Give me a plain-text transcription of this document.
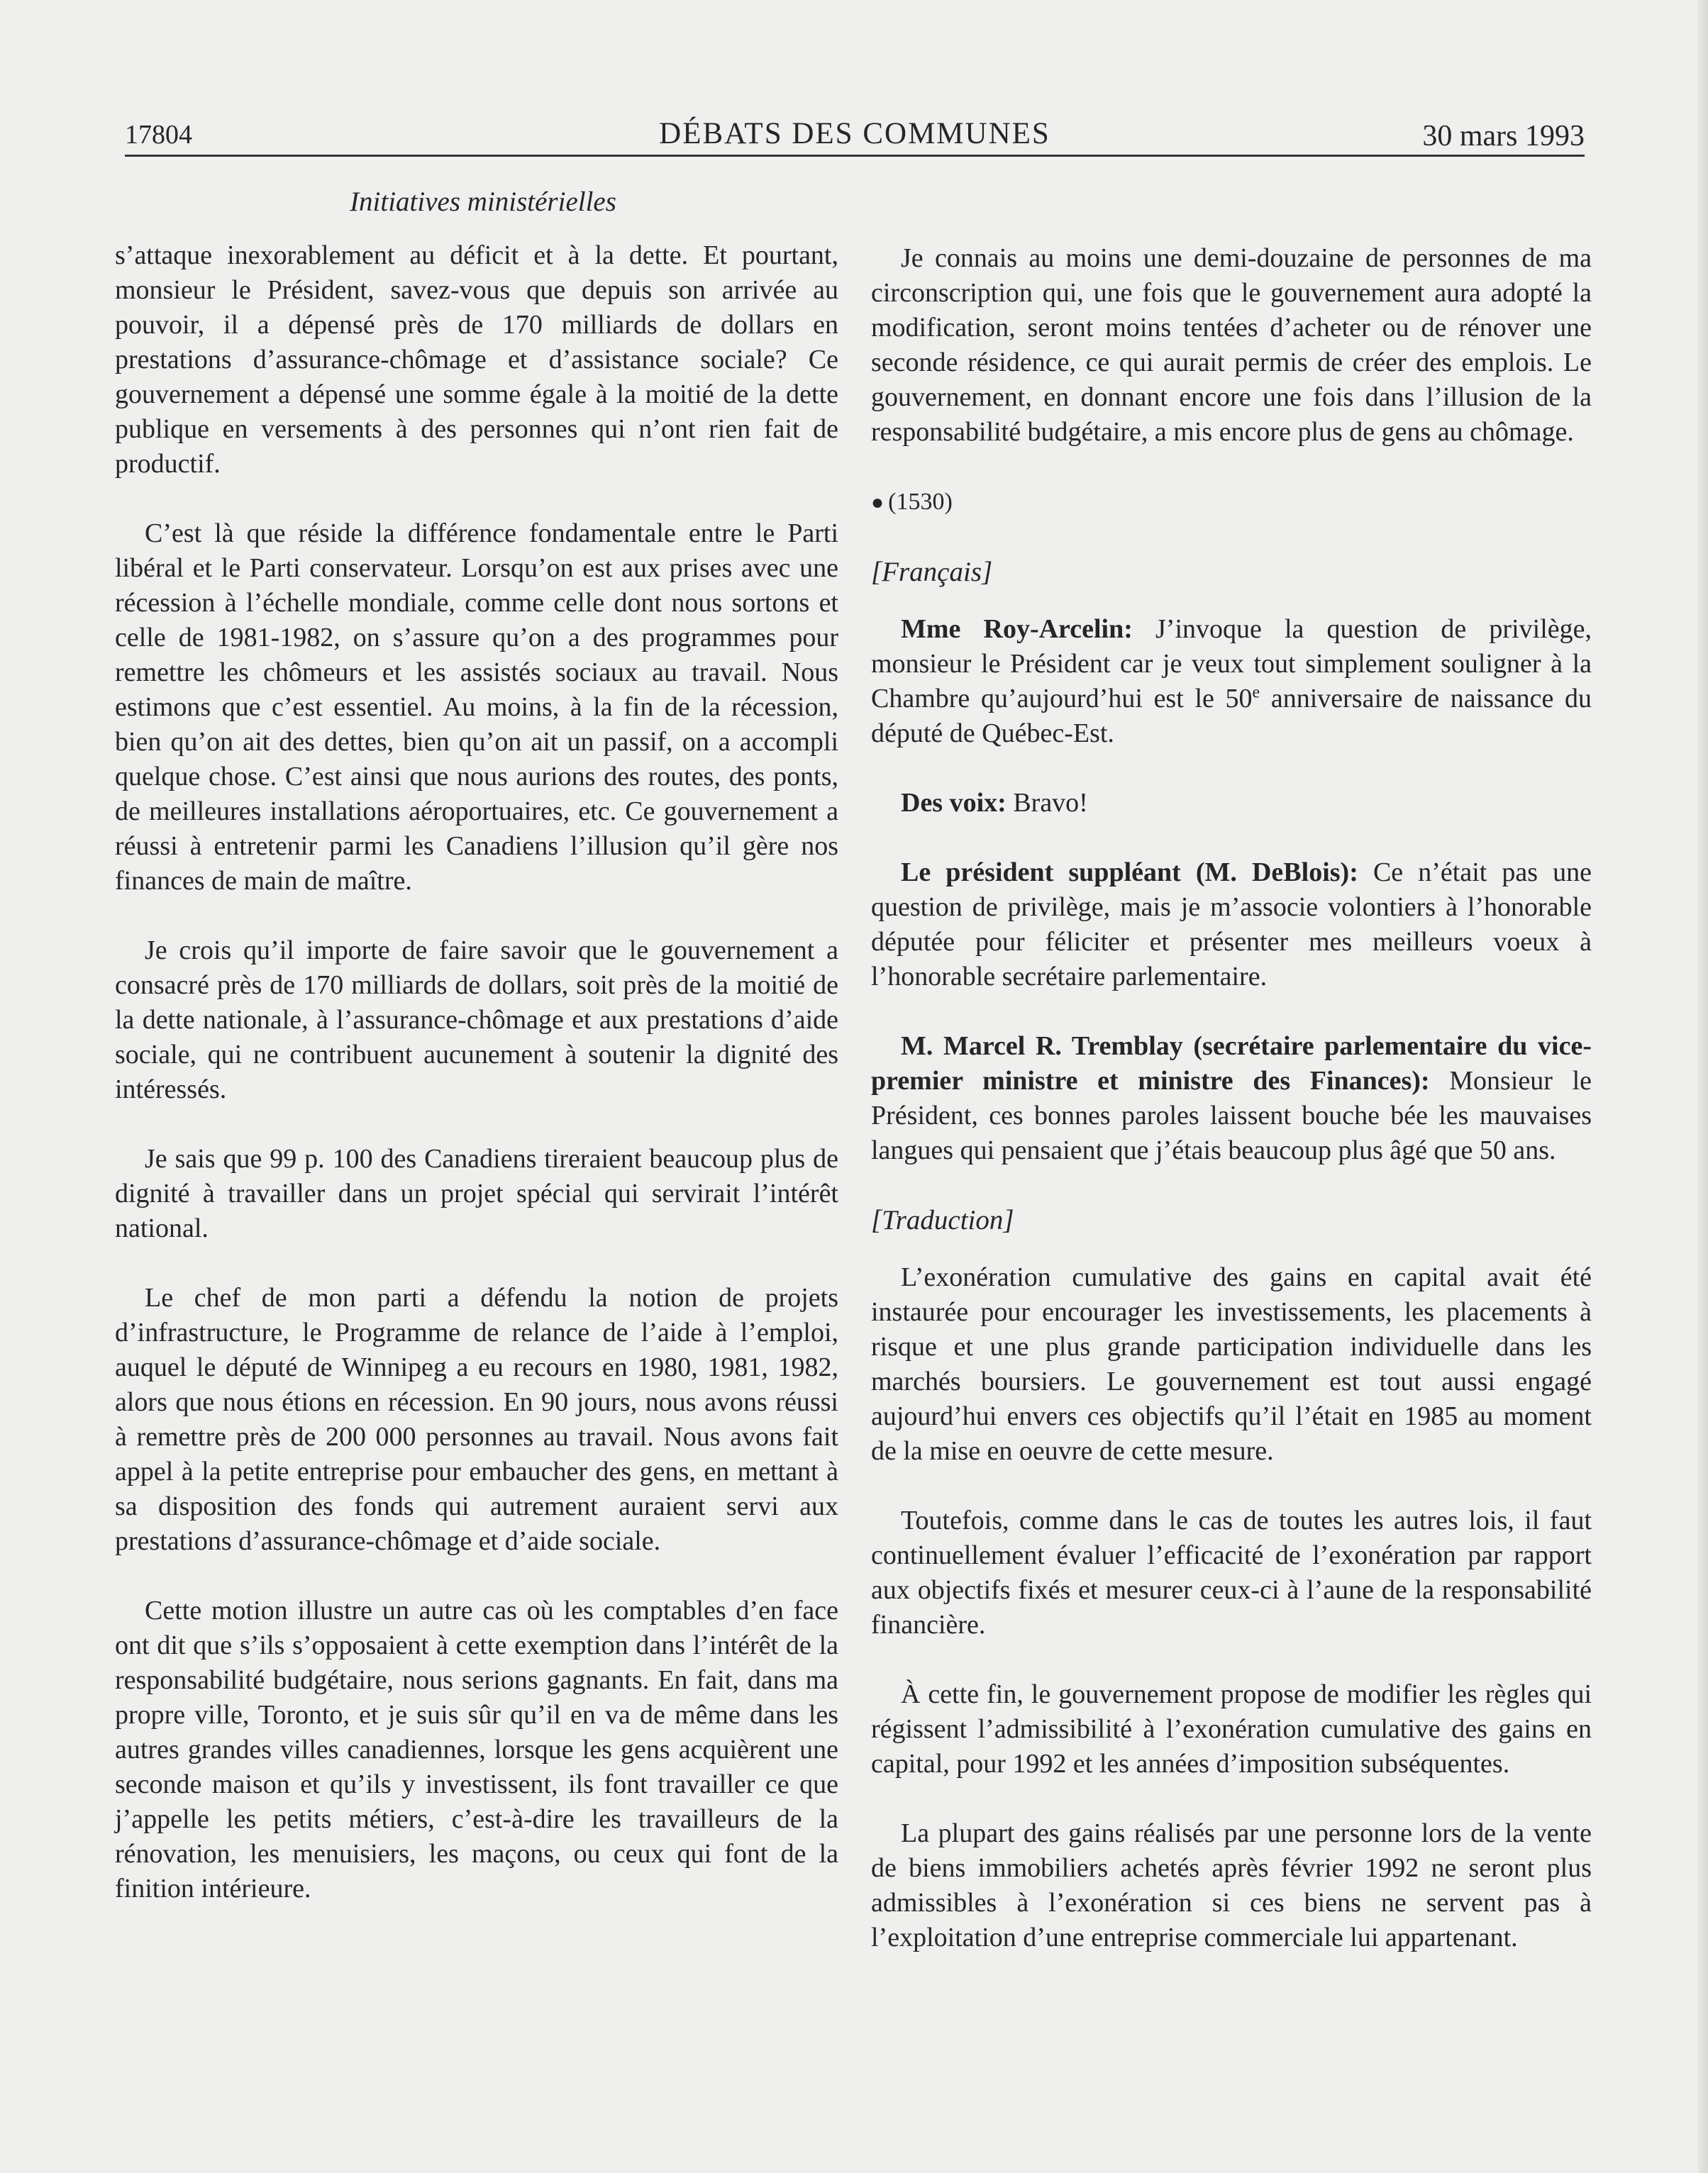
17804	DÉBATS DES COMMUNES	30 mars 1993
Initiatives ministérielles

s’attaque inexorablement au déficit et à la dette. Et pourtant, monsieur le Président, savez-vous que depuis son arrivée au pouvoir, il a dépensé près de 170 milliards de dollars en prestations d’assurance-chômage et d’assistance sociale? Ce gouvernement a dépensé une somme égale à la moitié de la dette publique en versements à des personnes qui n’ont rien fait de productif.

C’est là que réside la différence fondamentale entre le Parti libéral et le Parti conservateur. Lorsqu’on est aux prises avec une récession à l’échelle mondiale, comme celle dont nous sortons et celle de 1981-1982, on s’assure qu’on a des programmes pour remettre les chômeurs et les assistés sociaux au travail. Nous estimons que c’est essentiel. Au moins, à la fin de la récession, bien qu’on ait des dettes, bien qu’on ait un passif, on a accompli quelque chose. C’est ainsi que nous aurions des routes, des ponts, de meilleures installations aéroportuaires, etc. Ce gouvernement a réussi à entretenir parmi les Canadiens l’illusion qu’il gère nos finances de main de maître.

Je crois qu’il importe de faire savoir que le gouvernement a consacré près de 170 milliards de dollars, soit près de la moitié de la dette nationale, à l’assurance-chômage et aux prestations d’aide sociale, qui ne contribuent aucunement à soutenir la dignité des intéressés.

Je sais que 99 p. 100 des Canadiens tireraient beaucoup plus de dignité à travailler dans un projet spécial qui servirait l’intérêt national.

Le chef de mon parti a défendu la notion de projets d’infrastructure, le Programme de relance de l’aide à l’emploi, auquel le député de Winnipeg a eu recours en 1980, 1981, 1982, alors que nous étions en récession. En 90 jours, nous avons réussi à remettre près de 200 000 personnes au travail. Nous avons fait appel à la petite entreprise pour embaucher des gens, en mettant à sa disposition des fonds qui autrement auraient servi aux prestations d’assurance-chômage et d’aide sociale.

Cette motion illustre un autre cas où les comptables d’en face ont dit que s’ils s’opposaient à cette exemption dans l’intérêt de la responsabilité budgétaire, nous serions gagnants. En fait, dans ma propre ville, Toronto, et je suis sûr qu’il en va de même dans les autres grandes villes canadiennes, lorsque les gens acquièrent une seconde maison et qu’ils y investissent, ils font travailler ce que j’appelle les petits métiers, c’est-à-dire les travailleurs de la rénovation, les menuisiers, les maçons, ou ceux qui font de la finition intérieure.

Je connais au moins une demi-douzaine de personnes de ma circonscription qui, une fois que le gouvernement aura adopté la modification, seront moins tentées d’acheter ou de rénover une seconde résidence, ce qui aurait permis de créer des emplois. Le gouvernement, en donnant encore une fois dans l’illusion de la responsabilité budgétaire, a mis encore plus de gens au chômage.

● (1530)
[Français]

Mme Roy-Arcelin: J’invoque la question de privilège, monsieur le Président car je veux tout simplement souligner à la Chambre qu’aujourd’hui est le 50e anniversaire de naissance du député de Québec-Est.

Des voix: Bravo!

Le président suppléant (M. DeBlois): Ce n’était pas une question de privilège, mais je m’associe volontiers à l’honorable députée pour féliciter et présenter mes meilleurs voeux à l’honorable secrétaire parlementaire.

M. Marcel R. Tremblay (secrétaire parlementaire du vice-premier ministre et ministre des Finances): Monsieur le Président, ces bonnes paroles laissent bouche bée les mauvaises langues qui pensaient que j’étais beaucoup plus âgé que 50 ans.

[Traduction]

L’exonération cumulative des gains en capital avait été instaurée pour encourager les investissements, les placements à risque et une plus grande participation individuelle dans les marchés boursiers. Le gouvernement est tout aussi engagé aujourd’hui envers ces objectifs qu’il l’était en 1985 au moment de la mise en oeuvre de cette mesure.

Toutefois, comme dans le cas de toutes les autres lois, il faut continuellement évaluer l’efficacité de l’exonération par rapport aux objectifs fixés et mesurer ceux-ci à l’aune de la responsabilité financière.

À cette fin, le gouvernement propose de modifier les règles qui régissent l’admissibilité à l’exonération cumulative des gains en capital, pour 1992 et les années d’imposition subséquentes.

La plupart des gains réalisés par une personne lors de la vente de biens immobiliers achetés après février 1992 ne seront plus admissibles à l’exonération si ces biens ne servent pas à l’exploitation d’une entreprise commerciale lui appartenant.
